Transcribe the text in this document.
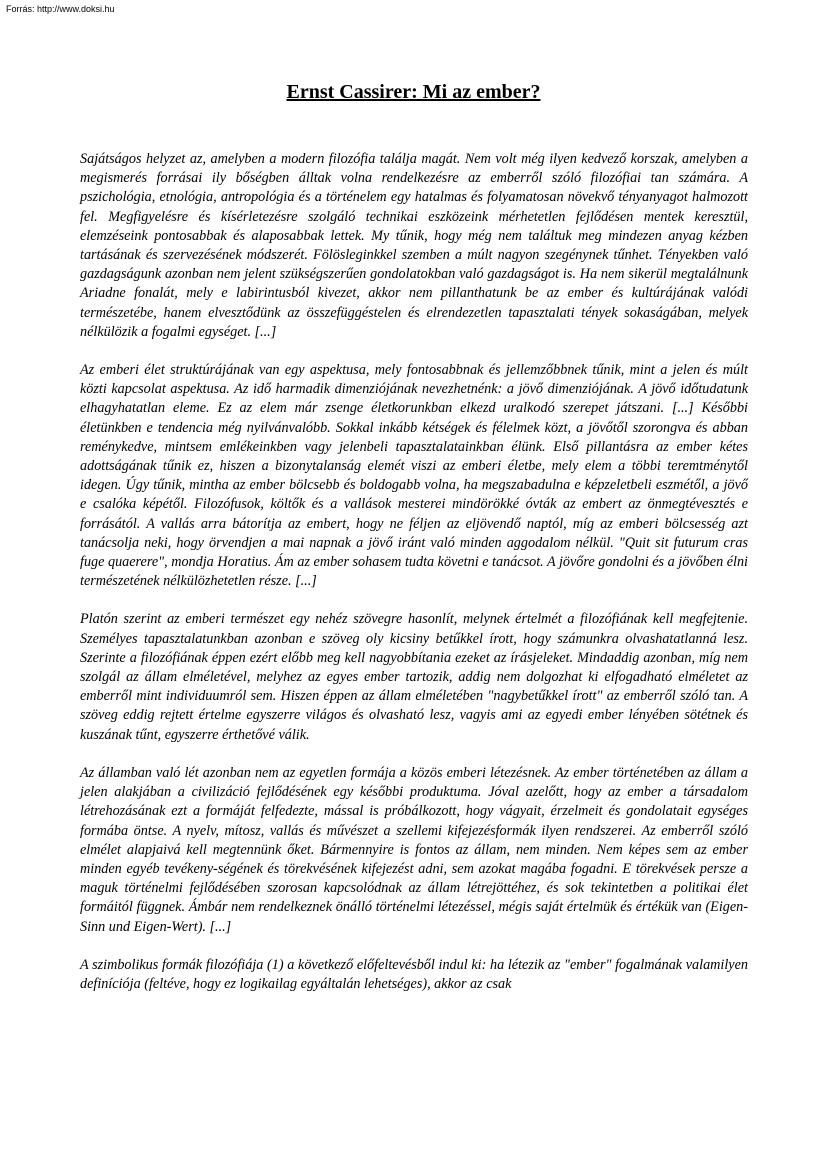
Forrás: http://www.doksi.hu
Ernst Cassirer: Mi az ember?

Sajátságos helyzet az, amelyben a modern filozófia találja magát. Nem volt még ilyen kedvező korszak, amelyben a megismerés forrásai ily bőségben álltak volna rendelkezésre az emberről szóló filozófiai tan számára. A pszichológia, etnológia, antropológia és a történelem egy hatalmas és folyamatosan növekvő tényanyagot halmozott fel. Megfigyelésre és kísérletezésre szolgáló technikai eszközeink mérhetetlen fejlődésen mentek keresztül, elemzéseink pontosabbak és alaposabbak lettek. My tűnik, hogy még nem találtuk meg mindezen anyag kézben tartásának és szervezésének módszerét. Fölösleginkkel szemben a múlt nagyon szegénynek tűnhet. Tényekben való gazdagságunk azonban nem jelent szükségszerűen gondolatokban való gazdagságot is. Ha nem sikerül megtalálnunk Ariadne fonalát, mely e labirintusból kivezet, akkor nem pillanthatunk be az ember és kultúrájának valódi természetébe, hanem elvesztődünk az összefüggéstelen és elrendezetlen tapasztalati tények sokaságában, melyek nélkülözik a fogalmi egységet. [...]

Az emberi élet struktúrájának van egy aspektusa, mely fontosabbnak és jellemzőbbnek tűnik, mint a jelen és múlt közti kapcsolat aspektusa. Az idő harmadik dimenziójának nevezhetnénk: a jövő dimenziójának. A jövő időtudatunk elhagyhatatlan eleme. Ez az elem már zsenge életkorunkban elkezd uralkodó szerepet játszani. [...] Későbbi életünkben e tendencia még nyilvánvalóbb. Sokkal inkább kétségek és félelmek közt, a jövőtől szorongva és abban reménykedve, mintsem emlékeinkben vagy jelenbeli tapasztalatainkban élünk. Első pillantásra az ember kétes adottságának tűnik ez, hiszen a bizonytalanság elemét viszi az emberi életbe, mely elem a többi teremtménytől idegen. Úgy tűnik, mintha az ember bölcsebb és boldogabb volna, ha megszabadulna e képzeletbeli eszmétől, a jövő e csalóka képétől. Filozófusok, költők és a vallások mesterei mindörökké óvták az embert az önmegtévesztés e forrásától. A vallás arra bátorítja az embert, hogy ne féljen az eljövendő naptól, míg az emberi bölcsesség azt tanácsolja neki, hogy örvendjen a mai napnak a jövő iránt való minden aggodalom nélkül. "Quit sit futurum cras fuge quaerere", mondja Horatius. Ám az ember sohasem tudta követni e tanácsot. A jövőre gondolni és a jövőben élni természetének nélkülözhetetlen része. [...]

Platón szerint az emberi természet egy nehéz szövegre hasonlít, melynek értelmét a filozófiának kell megfejtenie. Személyes tapasztalatunkban azonban e szöveg oly kicsiny betűkkel írott, hogy számunkra olvashatatlanná lesz. Szerinte a filozófiának éppen ezért előbb meg kell nagyobbítania ezeket az írásjeleket. Mindaddig azonban, míg nem szolgál az állam elméletével, melyhez az egyes ember tartozik, addig nem dolgozhat ki elfogadható elméletet az emberről mint individuumról sem. Hiszen éppen az állam elméletében "nagybetűkkel írott" az emberről szóló tan. A szöveg eddig rejtett értelme egyszerre világos és olvasható lesz, vagyis ami az egyedi ember lényében sötétnek és kuszának tűnt, egyszerre érthetővé válik.

Az államban való lét azonban nem az egyetlen formája a közös emberi létezésnek. Az ember történetében az állam a jelen alakjában a civilizáció fejlődésének egy későbbi produktuma. Jóval azelőtt, hogy az ember a társadalom létrehozásának ezt a formáját felfedezte, mással is próbálkozott, hogy vágyait, érzelmeit és gondolatait egységes formába öntse. A nyelv, mítosz, vallás és művészet a szellemi kifejezésformák ilyen rendszerei. Az emberről szóló elmélet alapjaivá kell megtennünk őket. Bármennyire is fontos az állam, nem minden. Nem képes sem az ember minden egyéb tevékeny-ségének és törekvésének kifejezést adni, sem azokat magába fogadni. E törekvések persze a maguk történelmi fejlődésében szorosan kapcsolódnak az állam létrejöttéhez, és sok tekintetben a politikai élet formáitól függnek. Ámbár nem rendelkeznek önálló történelmi létezéssel, mégis saját értelmük és értékük van (Eigen-Sinn und Eigen-Wert). [...]

A szimbolikus formák filozófiája (1) a következő előfeltevésből indul ki: ha létezik az "ember" fogalmának valamilyen definíciója (feltéve, hogy ez logikailag egyáltalán lehetséges), akkor az csak
